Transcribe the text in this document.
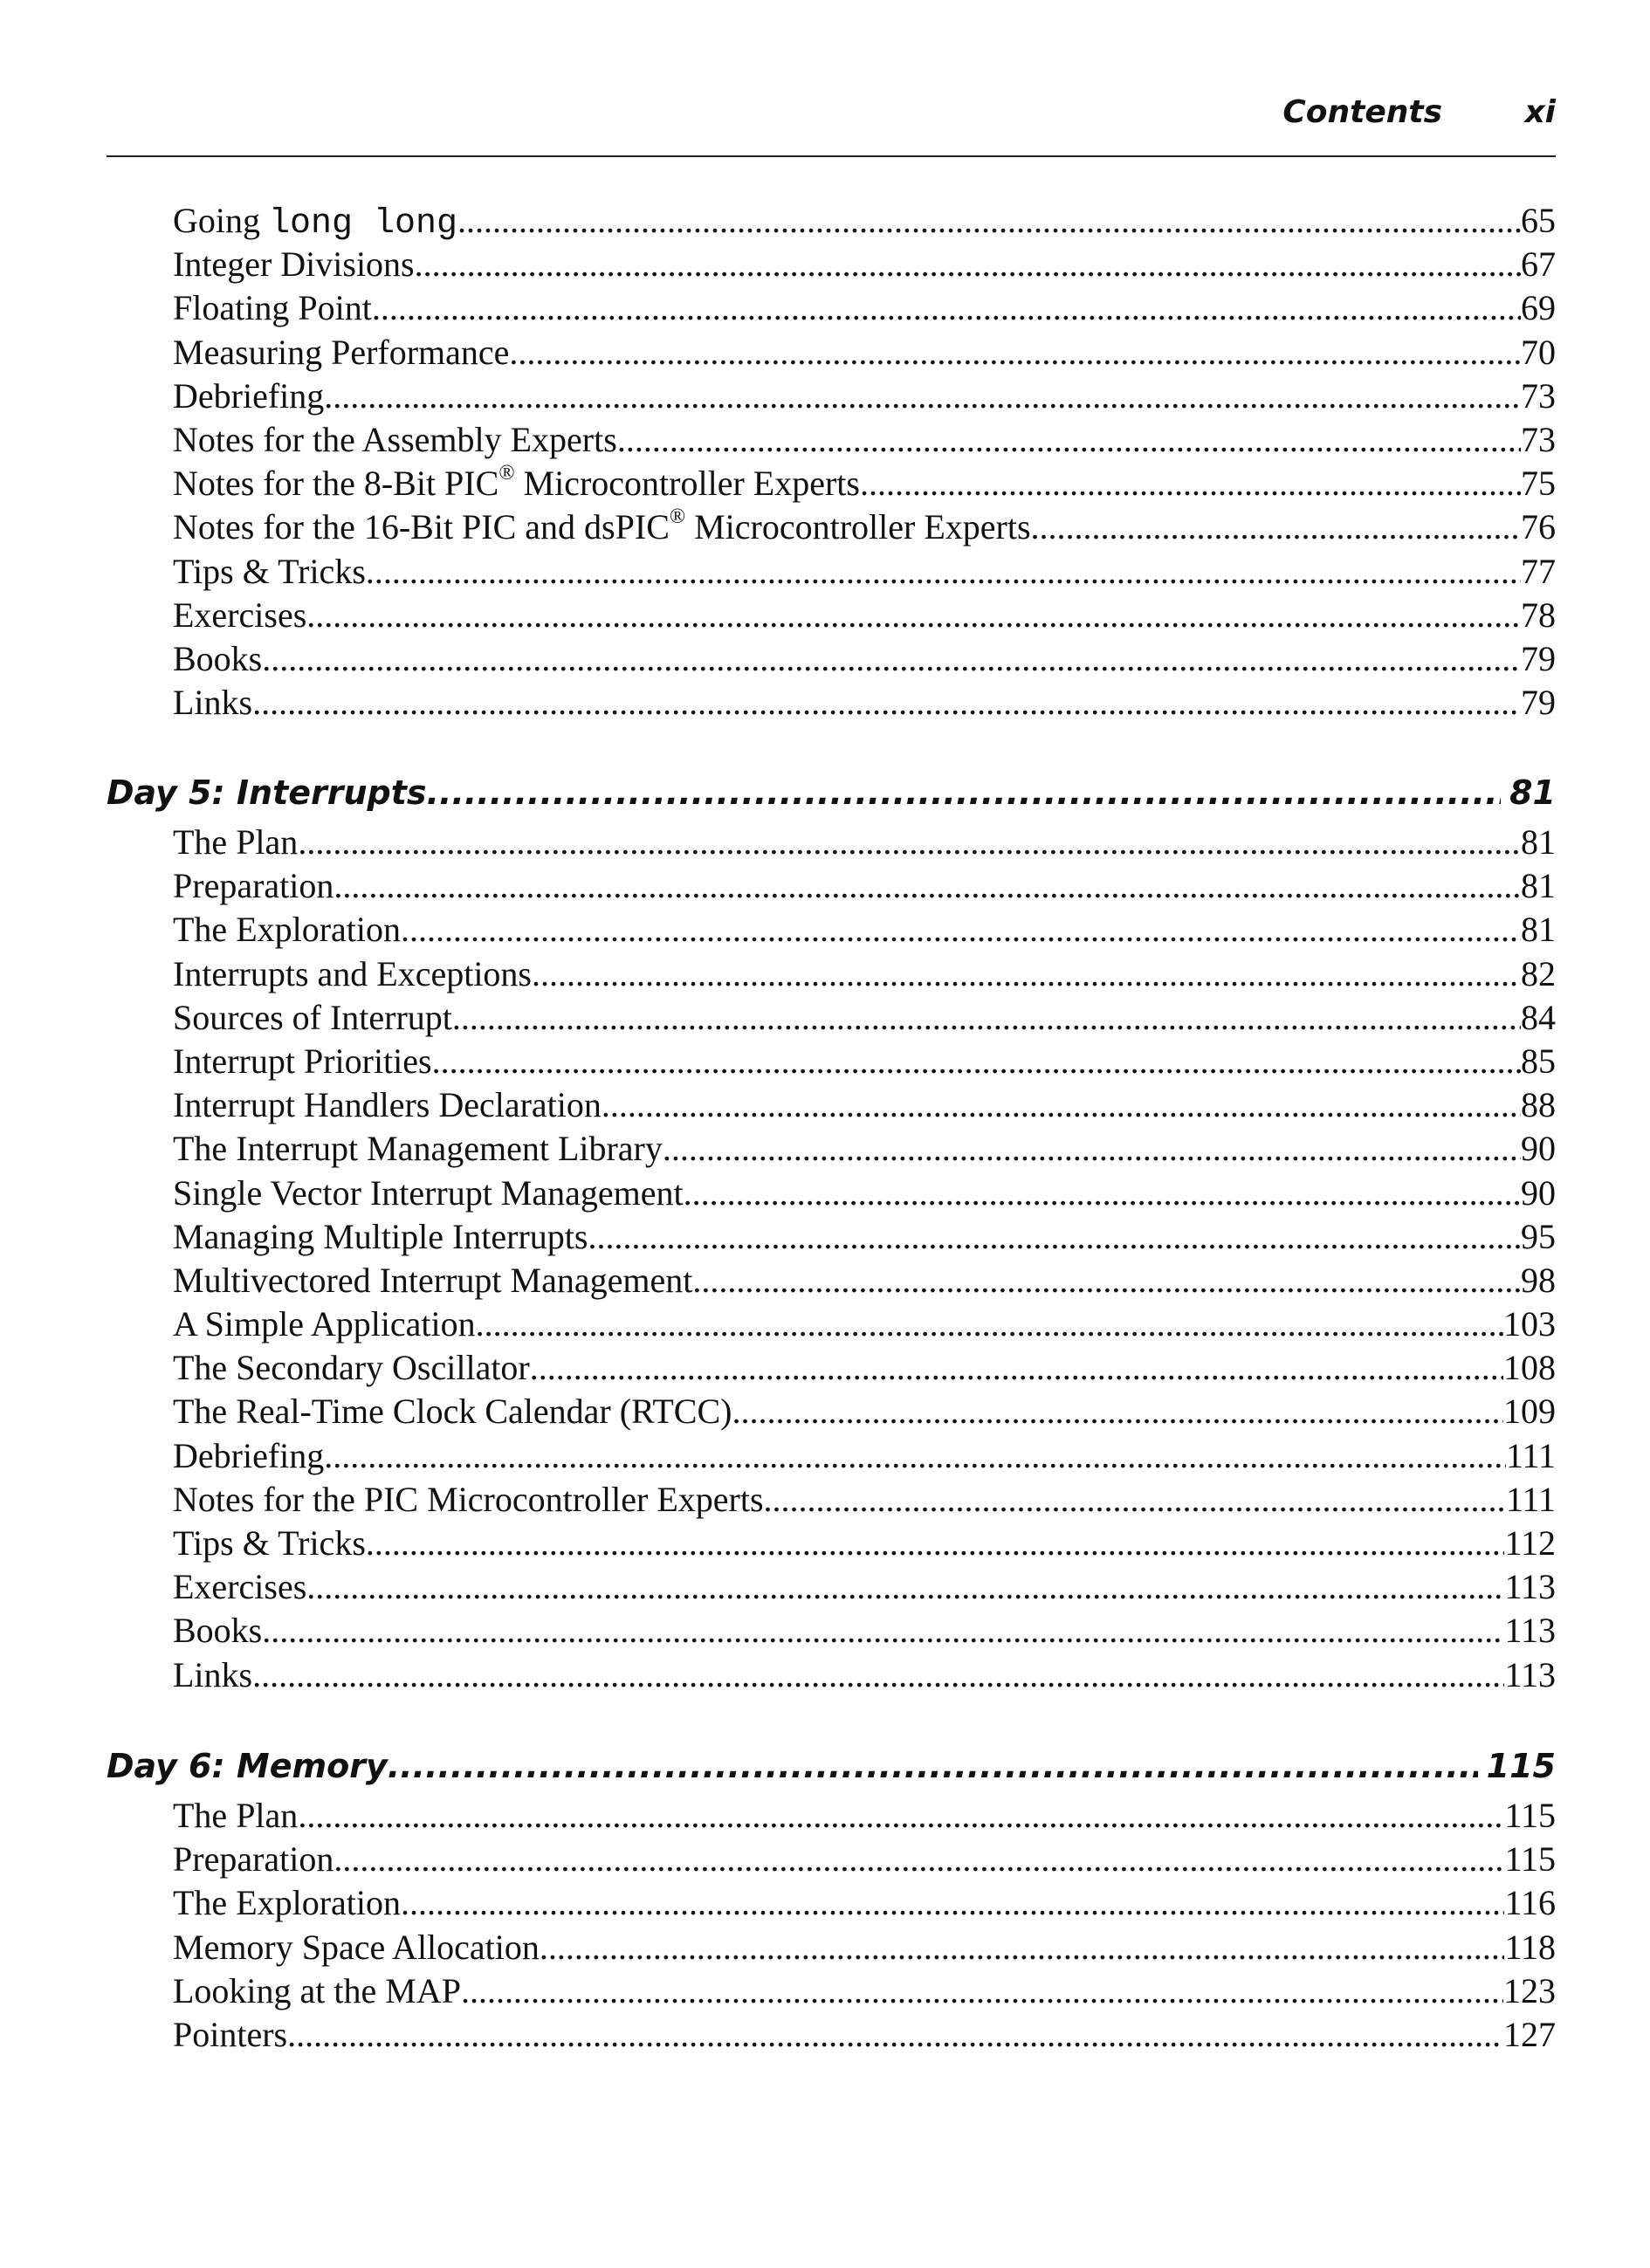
Contents	xi
Going long long .....	65
Integer Divisions .....	67
Floating Point .....	69
Measuring Performance .....	70
Debriefing .....	73
Notes for the Assembly Experts .....	73
Notes for the 8-Bit PIC® Microcontroller Experts .....	75
Notes for the 16-Bit PIC and dsPIC® Microcontroller Experts .....	76
Tips & Tricks .....	77
Exercises .....	78
Books .....	79
Links .....	79
Day 5: Interrupts .....	81
The Plan .....	81
Preparation .....	81
The Exploration .....	81
Interrupts and Exceptions .....	82
Sources of Interrupt .....	84
Interrupt Priorities .....	85
Interrupt Handlers Declaration .....	88
The Interrupt Management Library .....	90
Single Vector Interrupt Management .....	90
Managing Multiple Interrupts .....	95
Multivectored Interrupt Management .....	98
A Simple Application .....	103
The Secondary Oscillator .....	108
The Real-Time Clock Calendar (RTCC) .....	109
Debriefing .....	111
Notes for the PIC Microcontroller Experts .....	111
Tips & Tricks .....	112
Exercises .....	113
Books .....	113
Links .....	113
Day 6: Memory .....	115
The Plan .....	115
Preparation .....	115
The Exploration .....	116
Memory Space Allocation .....	118
Looking at the MAP .....	123
Pointers .....	127
